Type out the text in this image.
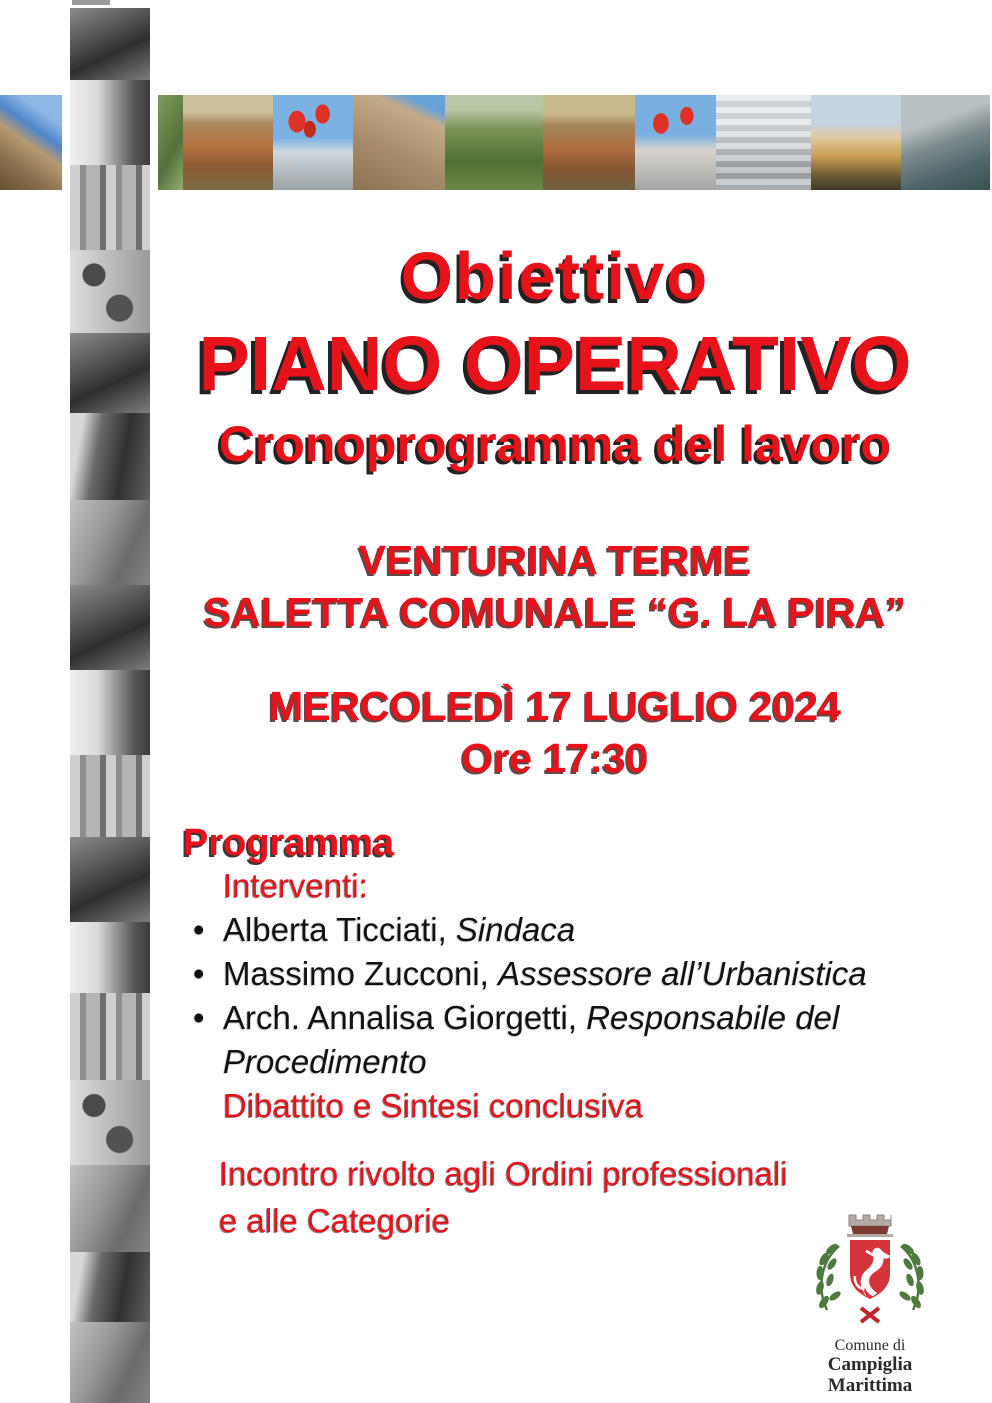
Obiettivo
PIANO OPERATIVO
Cronoprogramma del lavoro
VENTURINA TERME
SALETTA COMUNALE “G. LA PIRA”
MERCOLEDÌ 17 LUGLIO 2024
Ore 17:30
Programma
Interventi:
• Alberta Ticciati, Sindaca
• Massimo Zucconi, Assessore all’Urbanistica
• Arch. Annalisa Giorgetti, Responsabile del Procedimento
Dibattito e Sintesi conclusiva
Incontro rivolto agli Ordini professionali
e alle Categorie
Comune di
Campiglia Marittima
